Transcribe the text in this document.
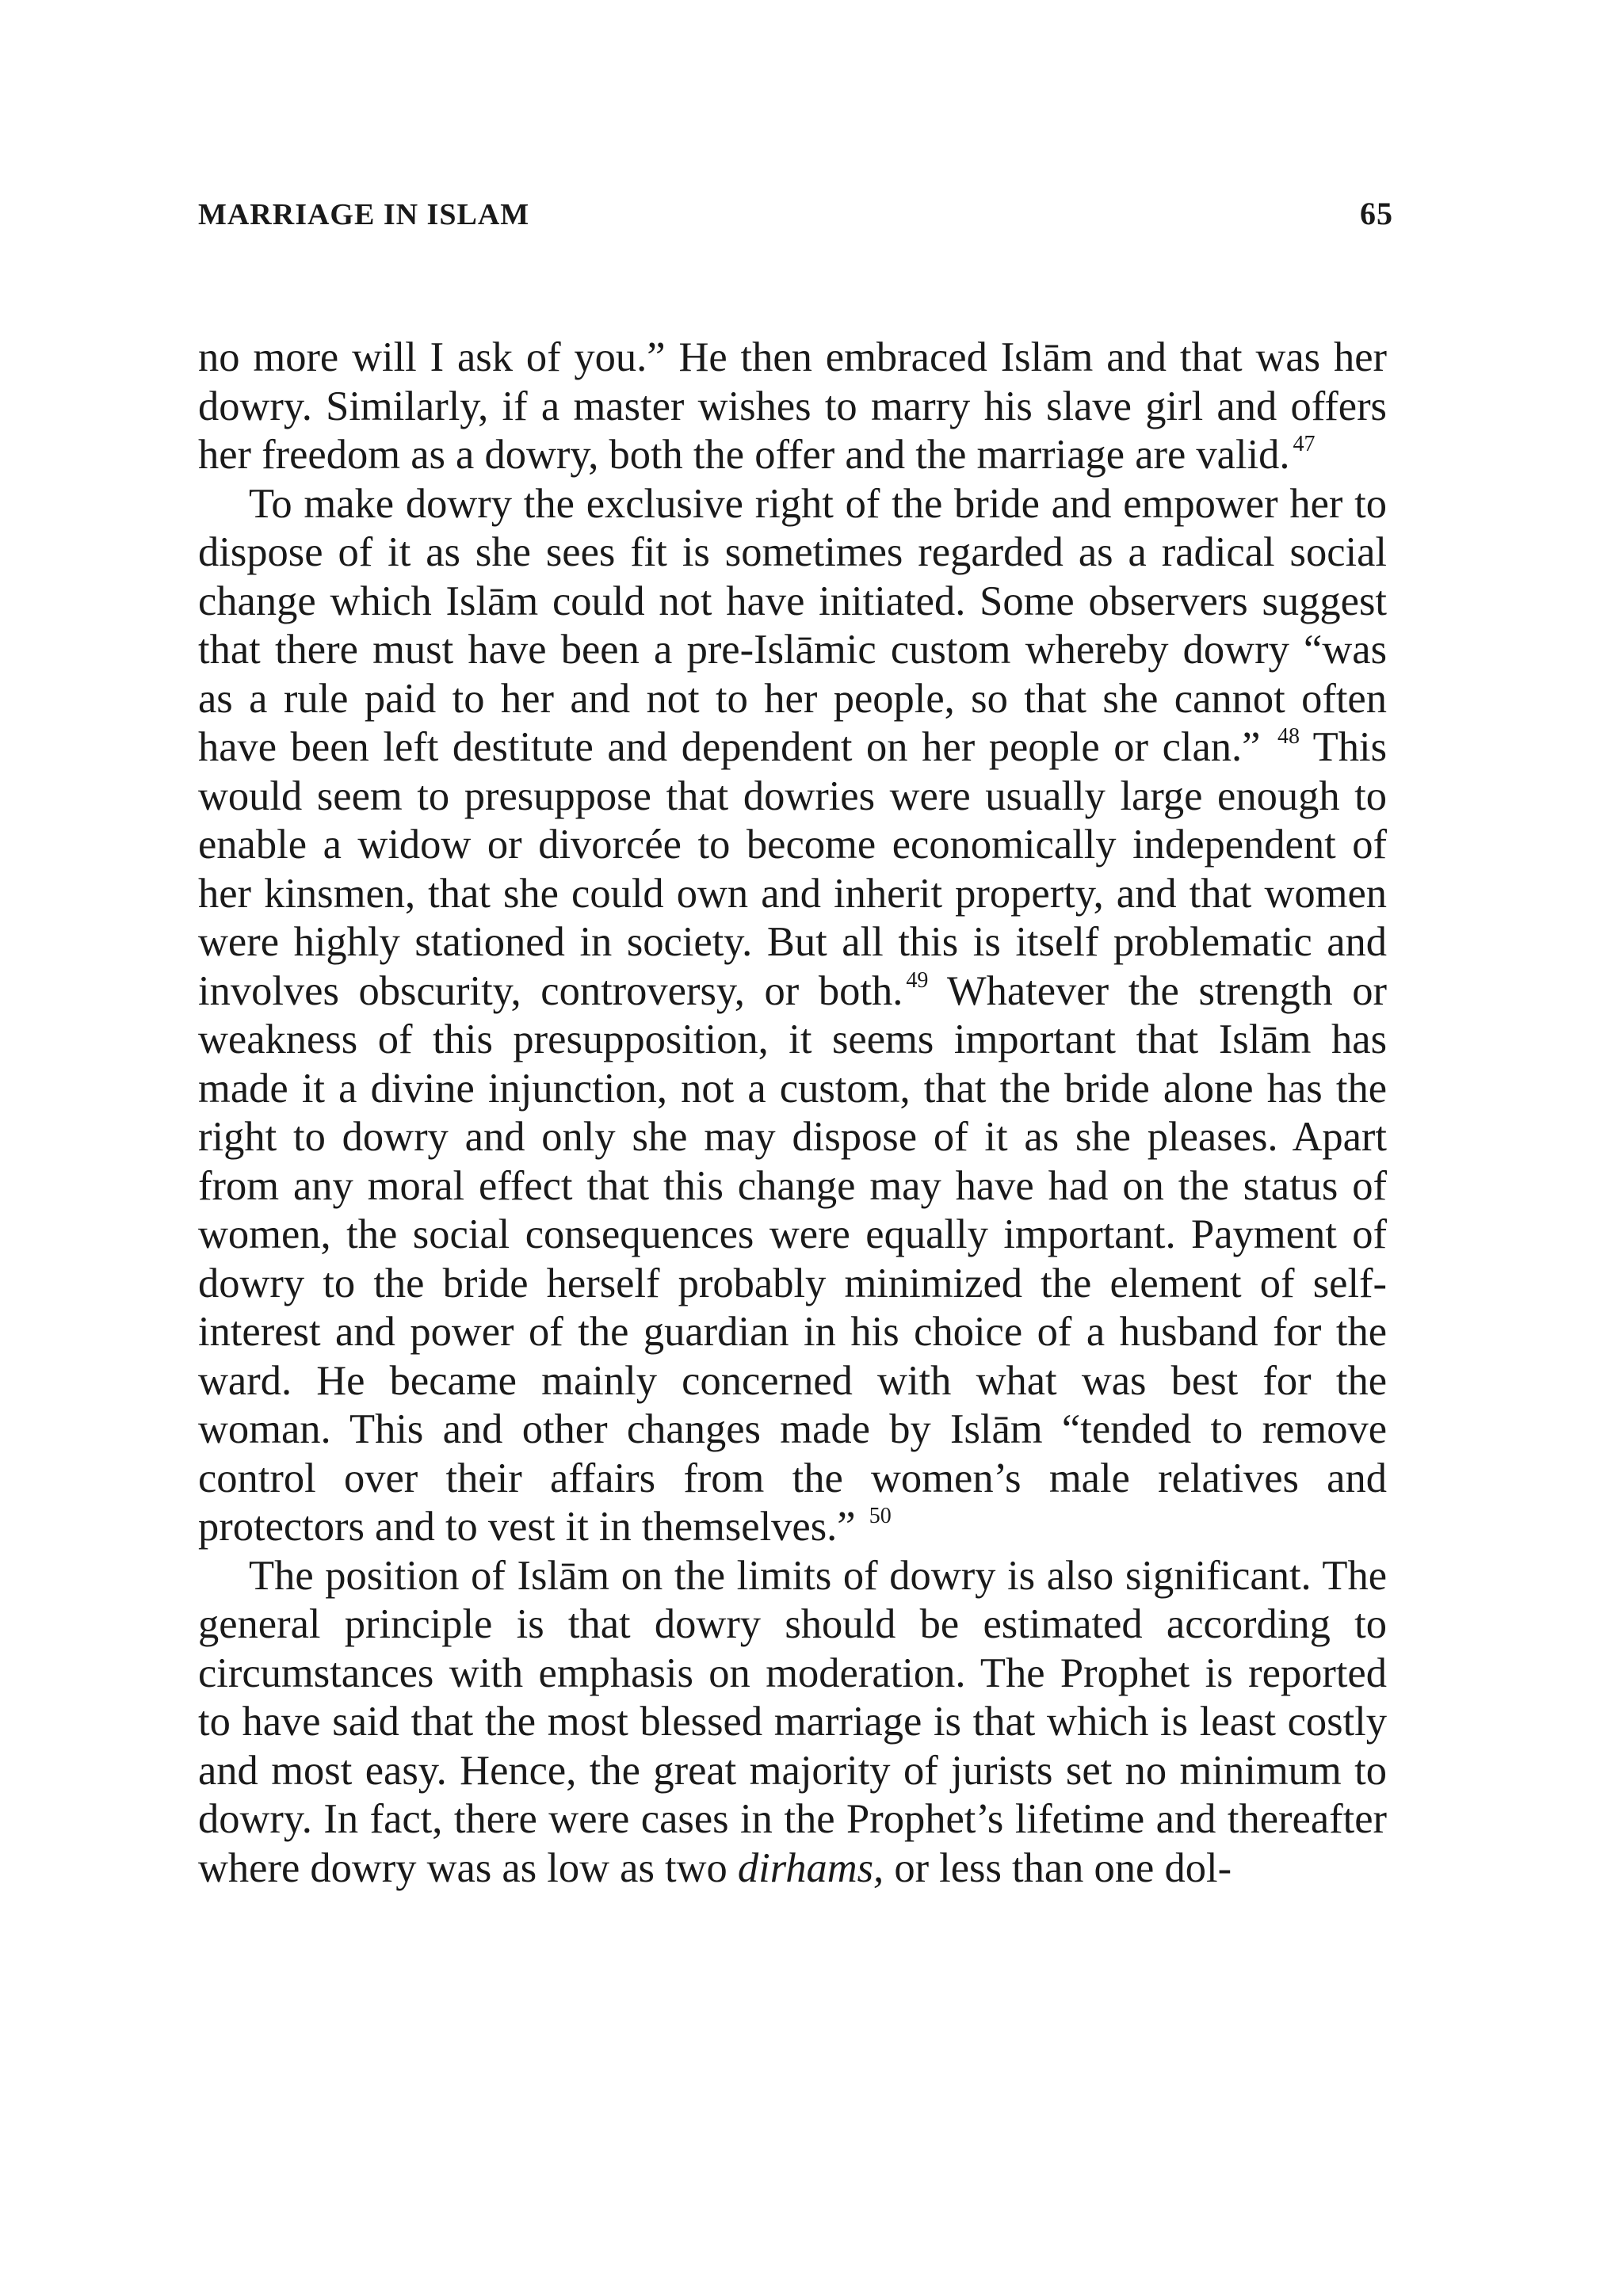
MARRIAGE IN ISLAM	65

no more will I ask of you.” He then embraced Islām and that was her dowry. Similarly, if a master wishes to marry his slave girl and offers her freedom as a dowry, both the offer and the marriage are valid. $^{47}$

To make dowry the exclusive right of the bride and empower her to dispose of it as she sees fit is sometimes regarded as a radical social change which Islām could not have initiated. Some observers suggest that there must have been a pre-Islāmic custom whereby dowry “was as a rule paid to her and not to her people, so that she cannot often have been left destitute and dependent on her people or clan.” $^{48}$ This would seem to presuppose that dowries were usually large enough to enable a widow or divorcée to become economically independent of her kinsmen, that she could own and inherit property, and that women were highly stationed in society. But all this is itself problematic and involves obscurity, controversy, or both. $^{49}$ Whatever the strength or weakness of this presupposition, it seems important that Islām has made it a divine injunction, not a custom, that the bride alone has the right to dowry and only she may dispose of it as she pleases. Apart from any moral effect that this change may have had on the status of women, the social consequences were equally important. Payment of dowry to the bride herself probably minimized the element of self-interest and power of the guardian in his choice of a husband for the ward. He became mainly concerned with what was best for the woman. This and other changes made by Islām “tended to remove control over their affairs from the women’s male relatives and protectors and to vest it in themselves.” $^{50}$

The position of Islām on the limits of dowry is also significant. The general principle is that dowry should be estimated according to circumstances with emphasis on moderation. The Prophet is reported to have said that the most blessed marriage is that which is least costly and most easy. Hence, the great majority of jurists set no minimum to dowry. In fact, there were cases in the Prophet’s lifetime and thereafter where dowry was as low as two dirhams, or less than one dol-
